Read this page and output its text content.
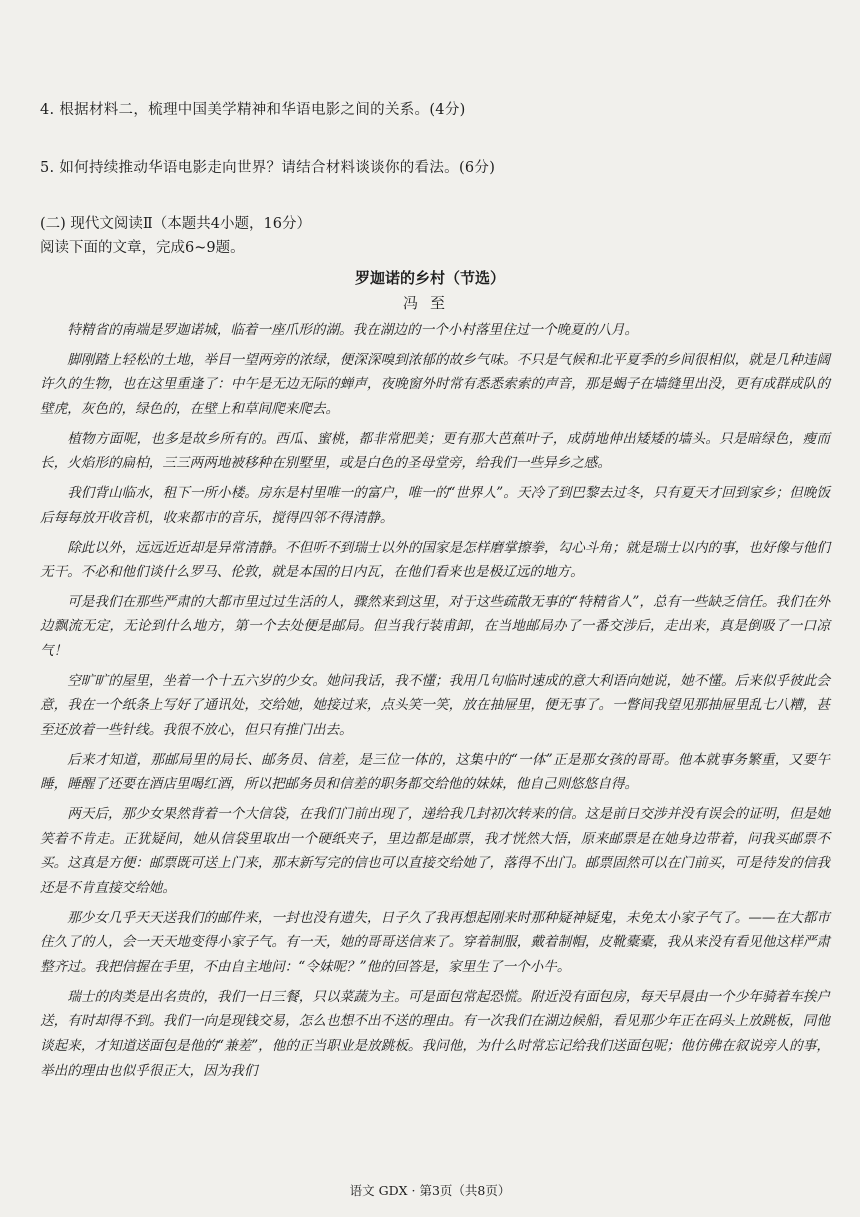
4. 根据材料二，梳理中国美学精神和华语电影之间的关系。(4分)
5. 如何持续推动华语电影走向世界？请结合材料谈谈你的看法。(6分)
(二) 现代文阅读Ⅱ（本题共4小题，16分）
阅读下面的文章，完成6~9题。
罗迦诺的乡村（节选）
冯至

特精省的南端是罗迦诺城，临着一座爪形的湖。我在湖边的一个小村落里住过一个晚夏的八月。

脚刚踏上轻松的土地，举目一望两旁的浓绿，便深深嗅到浓郁的故乡气味。不只是气候和北平夏季的乡间很相似，就是几种违阔许久的生物，也在这里重逢了：中午是无边无际的蝉声，夜晚窗外时常有悉悉索索的声音，那是蝎子在墙缝里出没，更有成群成队的壁虎，灰色的，绿色的，在壁上和草间爬来爬去。

植物方面呢，也多是故乡所有的。西瓜、蜜桃，都非常肥美；更有那大芭蕉叶子，成荫地伸出矮矮的墙头。只是暗绿色，瘦而长，火焰形的扁柏，三三两两地被移种在别墅里，或是白色的圣母堂旁，给我们一些异乡之感。

我们背山临水，租下一所小楼。房东是村里唯一的富户，唯一的“世界人”。天冷了到巴黎去过冬，只有夏天才回到家乡；但晚饭后每每放开收音机，收来都市的音乐，搅得四邻不得清静。

除此以外，远远近近却是异常清静。不但听不到瑞士以外的国家是怎样磨掌擦拳，勾心斗角；就是瑞士以内的事，也好像与他们无干。不必和他们谈什么罗马、伦敦，就是本国的日内瓦，在他们看来也是极辽远的地方。

可是我们在那些严肃的大都市里过过生活的人，骤然来到这里，对于这些疏散无事的“特精省人”，总有一些缺乏信任。我们在外边飘流无定，无论到什么地方，第一个去处便是邮局。但当我行装甫卸，在当地邮局办了一番交涉后，走出来，真是倒吸了一口凉气！

空旷旷的屋里，坐着一个十五六岁的少女。她问我话，我不懂；我用几句临时速成的意大利语向她说，她不懂。后来似乎彼此会意，我在一个纸条上写好了通讯处，交给她，她接过来，点头笑一笑，放在抽屉里，便无事了。一瞥间我望见那抽屉里乱七八糟，甚至还放着一些针线。我很不放心，但只有推门出去。

后来才知道，那邮局里的局长、邮务员、信差，是三位一体的，这集中的“一体”正是那女孩的哥哥。他本就事务繁重，又要午睡，睡醒了还要在酒店里喝红酒，所以把邮务员和信差的职务都交给他的妹妹，他自己则悠悠自得。

两天后，那少女果然背着一个大信袋，在我们门前出现了，递给我几封初次转来的信。这是前日交涉并没有误会的证明，但是她笑着不肯走。正犹疑间，她从信袋里取出一个硬纸夹子，里边都是邮票，我才恍然大悟，原来邮票是在她身边带着，问我买邮票不买。这真是方便：邮票既可送上门来，那末新写完的信也可以直接交给她了，落得不出门。邮票固然可以在门前买，可是待发的信我还是不肯直接交给她。

那少女几乎天天送我们的邮件来，一封也没有遗失，日子久了我再想起刚来时那种疑神疑鬼，未免太小家子气了。——在大都市住久了的人，会一天天地变得小家子气。有一天，她的哥哥送信来了。穿着制服，戴着制帽，皮靴橐橐，我从来没有看见他这样严肃整齐过。我把信握在手里，不由自主地问：“令妹呢？”他的回答是，家里生了一个小牛。

瑞士的肉类是出名贵的，我们一日三餐，只以菜蔬为主。可是面包常起恐慌。附近没有面包房，每天早晨由一个少年骑着车挨户送，有时却得不到。我们一向是现钱交易，怎么也想不出不送的理由。有一次我们在湖边候船，看见那少年正在码头上放跳板，同他谈起来，才知道送面包是他的“兼差”，他的正当职业是放跳板。我问他，为什么时常忘记给我们送面包呢；他仿佛在叙说旁人的事，举出的理由也似乎很正大，因为我们

语文 GDX · 第3页（共8页）
